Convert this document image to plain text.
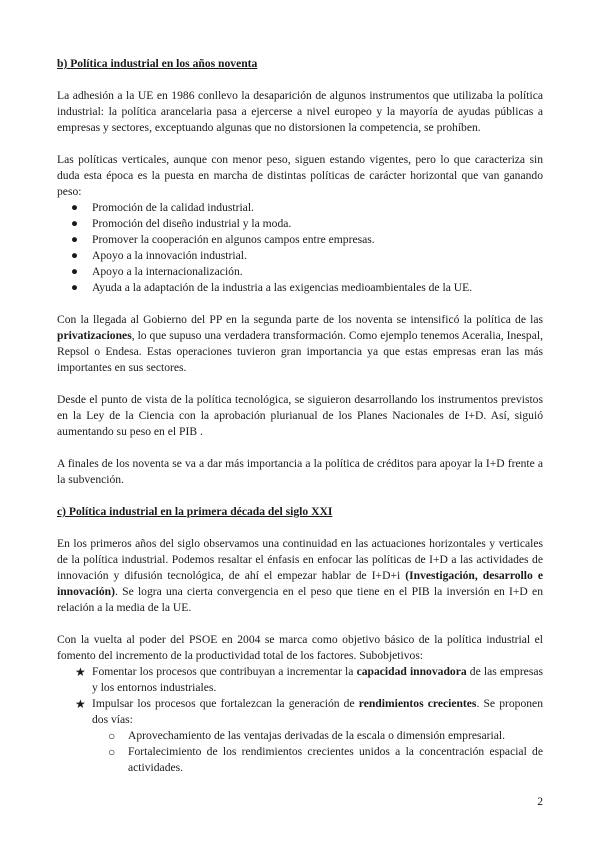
b) Política industrial en los años noventa

La adhesión a la UE en 1986 conllevo la desaparición de algunos instrumentos que utilizaba la política industrial: la política arancelaria pasa a ejercerse a nivel europeo y la mayoría de ayudas públicas a empresas y sectores, exceptuando algunas que no distorsionen la competencia, se prohíben.

Las políticas verticales, aunque con menor peso, siguen estando vigentes, pero lo que caracteriza sin duda esta época es la puesta en marcha de distintas políticas de carácter horizontal que van ganando peso:

● Promoción de la calidad industrial.
● Promoción del diseño industrial y la moda.
● Promover la cooperación en algunos campos entre empresas.
● Apoyo a la innovación industrial.
● Apoyo a la internacionalización.
● Ayuda a la adaptación de la industria a las exigencias medioambientales de la UE.

Con la llegada al Gobierno del PP en la segunda parte de los noventa se intensificó la política de las privatizaciones, lo que supuso una verdadera transformación. Como ejemplo tenemos Aceralia, Inespal, Repsol o Endesa. Estas operaciones tuvieron gran importancia ya que estas empresas eran las más importantes en sus sectores.

Desde el punto de vista de la política tecnológica, se siguieron desarrollando los instrumentos previstos en la Ley de la Ciencia con la aprobación plurianual de los Planes Nacionales de I+D. Así, siguió aumentando su peso en el PIB .

A finales de los noventa se va a dar más importancia a la política de créditos para apoyar la I+D frente a la subvención.

c) Política industrial en la primera década del siglo XXI

En los primeros años del siglo observamos una continuidad en las actuaciones horizontales y verticales de la política industrial. Podemos resaltar el énfasis en enfocar las políticas de I+D a las actividades de innovación y difusión tecnológica, de ahí el empezar hablar de I+D+i (Investigación, desarrollo e innovación). Se logra una cierta convergencia en el peso que tiene en el PIB la inversión en I+D en relación a la media de la UE.

Con la vuelta al poder del PSOE en 2004 se marca como objetivo básico de la política industrial el fomento del incremento de la productividad total de los factores. Subobjetivos:

★ Fomentar los procesos que contribuyan a incrementar la capacidad innovadora de las empresas y los entornos industriales.
★ Impulsar los procesos que fortalezcan la generación de rendimientos crecientes. Se proponen dos vías:
○ Aprovechamiento de las ventajas derivadas de la escala o dimensión empresarial.
○ Fortalecimiento de los rendimientos crecientes unidos a la concentración espacial de actividades.
2
